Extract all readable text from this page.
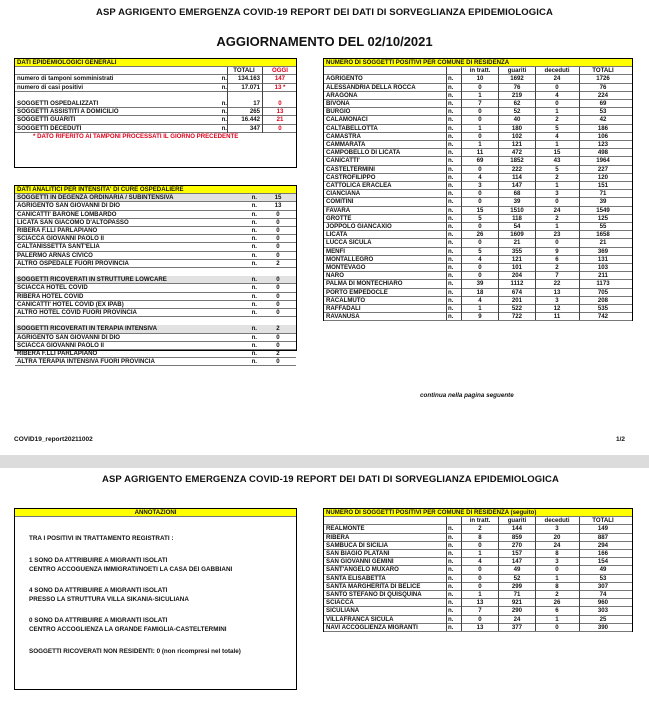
ASP AGRIGENTO EMERGENZA COVID-19 REPORT DEI DATI DI SORVEGLIANZA EPIDEMIOLOGICA
AGGIORNAMENTO DEL 02/10/2021
DATI EPIDEMIOLOGICI GENERALI
TOTALI	OGGI
numero di tamponi somministrati	n.	134.163	147
numero di casi positivi	n.	17.071	13 *
SOGGETTI OSPEDALIZZATI	n.	17	0
SOGGETTI ASSISTITI A DOMICILIO	n.	265	13
SOGGETTI GUARITI	n.	16.442	21
SOGGETTI DECEDUTI	n.	347	0
* DATO RIFERITO AI TAMPONI PROCESSATI IL GIORNO PRECEDENTE
DATI ANALITICI PER INTENSITA' DI CURE OSPEDALIERE
SOGGETTI IN DEGENZA ORDINARIA / SUBINTENSIVA	n.	15
AGRIGENTO SAN GIOVANNI DI DIO	n.	13
CANICATTI' BARONE LOMBARDO	n.	0
LICATA SAN GIACOMO D'ALTOPASSO	n.	0
RIBERA F.LLI PARLAPIANO	n.	0
SCIACCA GIOVANNI PAOLO II	n.	0
CALTANISSETTA SANT'ELIA	n.	0
PALERMO ARNAS CIVICO	n.	0
ALTRO OSPEDALE FUORI PROVINCIA	n.	2
SOGGETTI RICOVERATI IN STRUTTURE LOWCARE	n.	0
SCIACCA HOTEL COVID	n.	0
RIBERA HOTEL COVID	n.	0
CANICATTI' HOTEL COVID (EX IPAB)	n.	0
ALTRO HOTEL COVID FUORI PROVINCIA	n.	0
SOGGETTI RICOVERATI IN TERAPIA INTENSIVA	n.	2
AGRIGENTO SAN GIOVANNI DI DIO	n.	0
SCIACCA GIOVANNI PAOLO II	n.	0
RIBERA F.LLI PARLAPIANO	n.	2
ALTRA TERAPIA INTENSIVA FUORI PROVINCIA	n.	0
NUMERO DI SOGGETTI POSITIVI PER COMUNE DI RESIDENZA
in tratt.	guariti	deceduti	TOTALI
AGRIGENTO	n.	10	1692	24	1726
ALESSANDRIA DELLA ROCCA	n.	0	76	0	76
ARAGONA	n.	1	219	4	224
BIVONA	n.	7	62	0	69
BURGIO	n.	0	52	1	53
CALAMONACI	n.	0	40	2	42
CALTABELLOTTA	n.	1	180	5	186
CAMASTRA	n.	0	102	4	106
CAMMARATA	n.	1	121	1	123
CAMPOBELLO DI LICATA	n.	11	472	15	498
CANICATTI'	n.	69	1852	43	1964
CASTELTERMINI	n.	0	222	5	227
CASTROFILIPPO	n.	4	114	2	120
CATTOLICA ERACLEA	n.	3	147	1	151
CIANCIANA	n.	0	68	3	71
COMITINI	n.	0	39	0	39
FAVARA	n.	15	1510	24	1549
GROTTE	n.	5	118	2	125
JOPPOLO GIANCAXIO	n.	0	54	1	55
LICATA	n.	26	1609	23	1658
LUCCA SICULA	n.	0	21	0	21
MENFI	n.	5	355	9	369
MONTALLEGRO	n.	4	121	6	131
MONTEVAGO	n.	0	101	2	103
NARO	n.	0	204	7	211
PALMA DI MONTECHIARO	n.	39	1112	22	1173
PORTO EMPEDOCLE	n.	18	674	13	705
RACALMUTO	n.	4	201	3	208
RAFFADALI	n.	1	522	12	535
RAVANUSA	n.	9	722	11	742
continua nella pagina seguente
COVID19_report20211002	1/2
ASP AGRIGENTO EMERGENZA COVID-19 REPORT DEI DATI DI SORVEGLIANZA EPIDEMIOLOGICA
ANNOTAZIONI
TRA I POSITIVI IN TRATTAMENTO REGISTRATI :
1 SONO DA ATTRIBUIRE A MIGRANTI ISOLATI
CENTRO ACCOGUENZA IMMIGRATI/NOETI LA CASA DEI GABBIANI
4 SONO DA ATTRIBUIRE A MIGRANTI ISOLATI
PRESSO LA STRUTTURA VILLA SIKANIA-SICULIANA
0 SONO DA ATTRIBUIRE A MIGRANTI ISOLATI
CENTRO ACCOGLIENZA LA GRANDE FAMIGLIA-CASTELTERMINI
SOGGETTI RICOVERATI NON RESIDENTI: 0 (non ricompresi nel totale)
NUMERO DI SOGGETTI POSITIVI PER COMUNE DI RESIDENZA (seguito)
in tratt.	guariti	deceduti	TOTALI
REALMONTE	n.	2	144	3	149
RIBERA	n.	8	859	20	887
SAMBUCA DI SICILIA	n.	0	270	24	294
SAN BIAGIO PLATANI	n.	1	157	8	166
SAN GIOVANNI GEMINI	n.	4	147	3	154
SANT'ANGELO MUXARO	n.	0	49	0	49
SANTA ELISABETTA	n.	0	52	1	53
SANTA MARGHERITA DI BELICE	n.	0	299	8	307
SANTO STEFANO DI QUISQUINA	n.	1	71	2	74
SCIACCA	n.	13	921	26	960
SICULIANA	n.	7	290	6	303
VILLAFRANCA SICULA	n.	0	24	1	25
NAVI ACCOGLIENZA MIGRANTI	n.	13	377	0	390
